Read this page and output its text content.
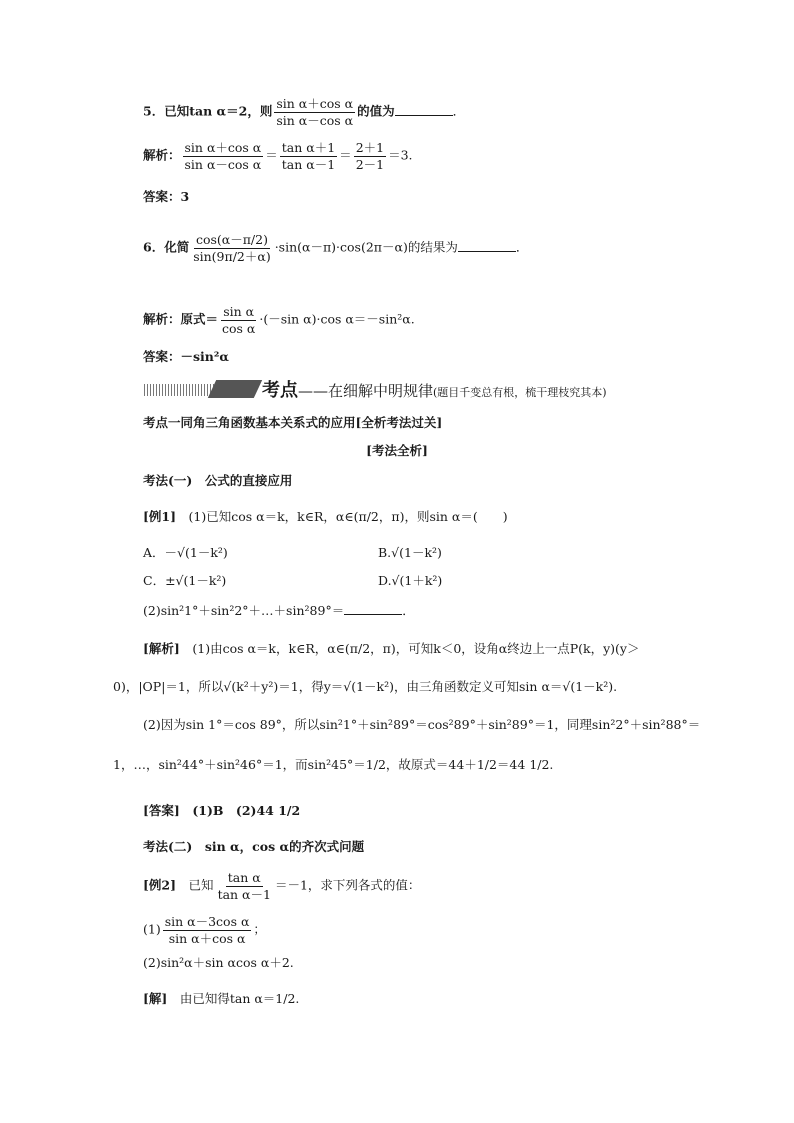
5．已知tan α＝2，则 $\frac{\text{sin α＋cos α}}{\text{sin α－cos α}}$ 的值为	．
解析： $\frac{\text{sin α＋cos α}}{\text{sin α－cos α}} = \frac{\text{tan α＋1}}{\text{tan α－1}} = \frac{2+1}{2-1} =3$.
答案：3
6．化简 $\frac{\cos(\alpha-\pi/2)}{\sin(9\pi/2+\alpha)} \cdot\sin(\alpha-\pi)\cdot\cos(2\pi-\alpha)$的结果为	．
解析：原式＝ $\frac{\text{sin α}}{\text{cos α}} \cdot(-\sin$ α)·cos α＝－sin²α.
答案：－sin²α
考点——在细解中明规律(题目千变总有根，梳干理枝究其本)
考点一同角三角函数基本关系式的应用[全析考法过关]
[考法全析]
考法(一)　公式的直接应用
[例1]　 (1)已知cos α＝k，k∈R，α∈(π/2，π)，则sin α＝(　　)
A．－√(1－k²)	B.√(1－k²)
C．±√(1－k²)	D.√(1＋k²)
(2)sin²1°＋sin²2°＋…＋sin²89°＝	．
[解析]　 (1)由cos α＝k，k∈R，α∈(π/2，π)，可知k＜0，设角α终边上一点P(k，y)(y＞
0)，|OP|＝1，所以√(k²＋y²)＝1，得y＝√(1－k²)，由三角函数定义可知sin α＝√(1－k²).
(2)因为sin 1°＝cos 89°，所以sin²1°＋sin²89°＝cos²89°＋sin²89°＝1，同理sin²2°＋sin²88°＝
1，…，sin²44°＋sin²46°＝1，而sin²45°＝1/2，故原式＝44＋1/2＝44 1/2.
[答案]　(1)B　(2)44 1/2
考法(二)　sin α，cos α的齐次式问题
[例2]　 已知 $\frac{\text{tan α}}{\text{tan α－1}} =-1$，求下列各式的值：
$(1) \frac{\text{sin α－3cos α}}{\text{sin α＋cos α}}$ ；
(2)sin²α＋sin αcos α＋2.
[解]　 由已知得tan α＝1/2.
